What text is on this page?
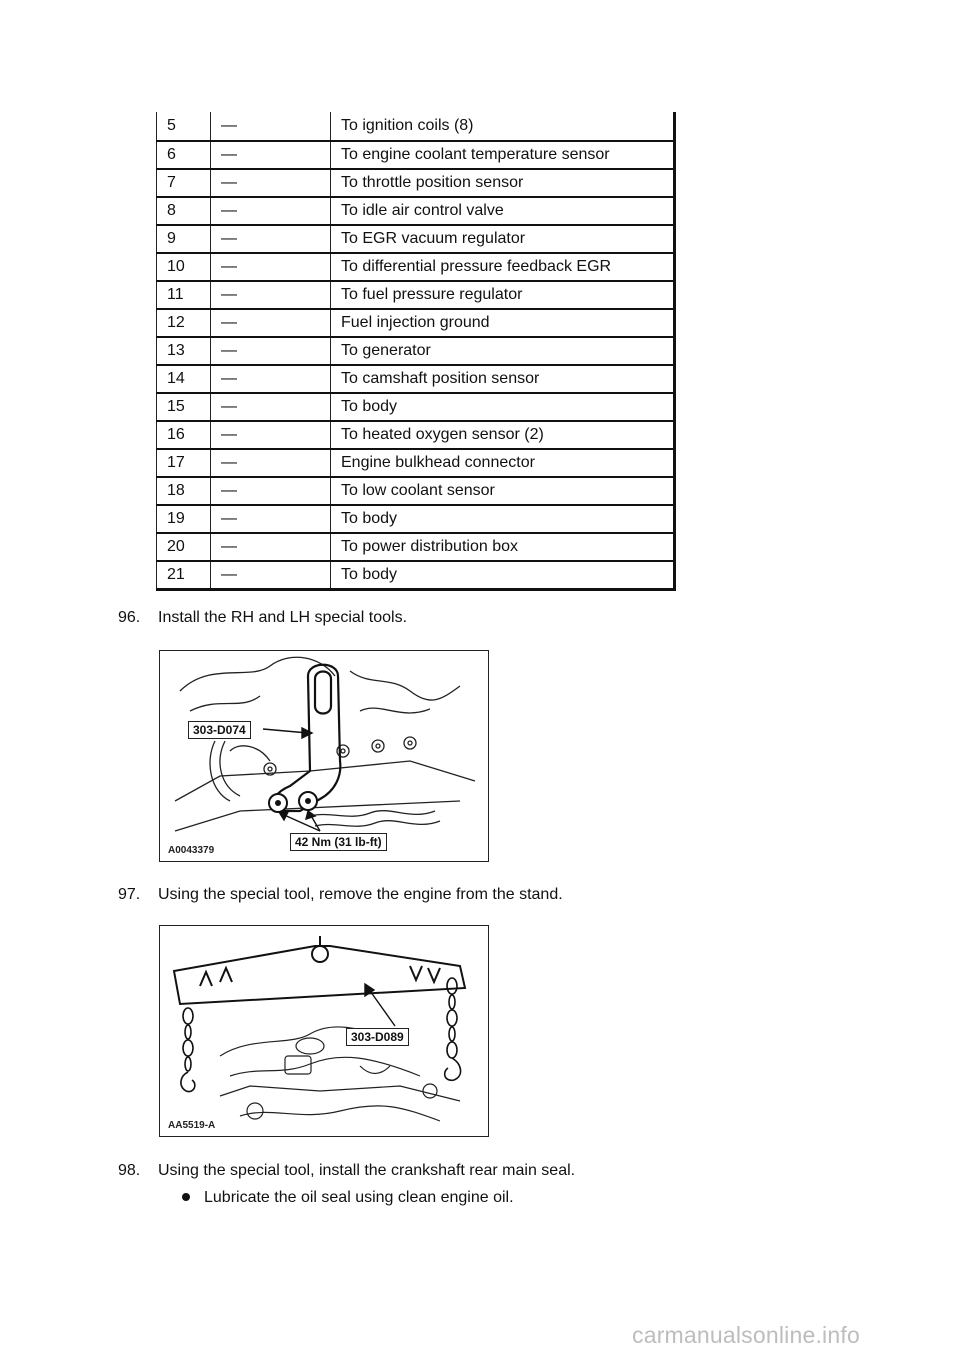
5	—	To ignition coils (8)
6	—	To engine coolant temperature sensor
7	—	To throttle position sensor
8	—	To idle air control valve
9	—	To EGR vacuum regulator
10	—	To differential pressure feedback EGR
11	—	To fuel pressure regulator
12	—	Fuel injection ground
13	—	To generator
14	—	To camshaft position sensor
15	—	To body
16	—	To heated oxygen sensor (2)
17	—	Engine bulkhead connector
18	—	To low coolant sensor
19	—	To body
20	—	To power distribution box
21	—	To body
96. Install the RH and LH special tools.
303-D074
42 Nm (31 lb-ft)
A0043379
97. Using the special tool, remove the engine from the stand.
303-D089
AA5519-A
98. Using the special tool, install the crankshaft rear main seal.
Lubricate the oil seal using clean engine oil.
carmanualsonline.info
